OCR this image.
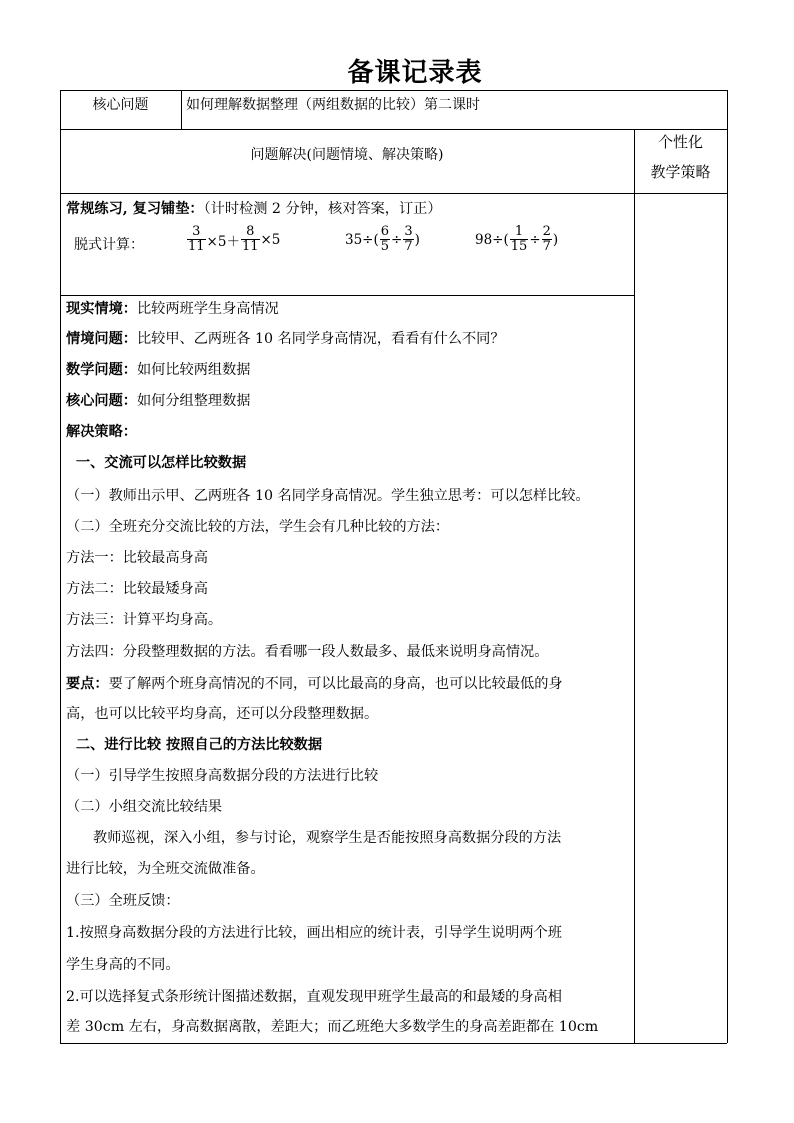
备课记录表
核心问题	如何理解数据整理（两组数据的比较）第二课时
问题解决(问题情境、解决策略)
个性化
教学策略
常规练习, 复习铺垫：（计时检测 2 分钟，核对答案，订正）
脱式计算：	$\frac{3}{11} \times 5+ \frac{8}{11} \times 5$	$35\div( \frac{6}{5} \div \frac{3}{7}$ )	$98\div( \frac{1}{15} \div \frac{2}{7}$ )
现实情境：比较两班学生身高情况
情境问题：比较甲、乙两班各 10 名同学身高情况，看看有什么不同？
数学问题：如何比较两组数据
核心问题：如何分组整理数据
解决策略：
一、交流可以怎样比较数据
（一）教师出示甲、乙两班各 10 名同学身高情况。学生独立思考：可以怎样比较。
（二）全班充分交流比较的方法，学生会有几种比较的方法：
方法一：比较最高身高
方法二：比较最矮身高
方法三：计算平均身高。
方法四：分段整理数据的方法。看看哪一段人数最多、最低来说明身高情况。
要点：要了解两个班身高情况的不同，可以比最高的身高，也可以比较最低的身
高，也可以比较平均身高，还可以分段整理数据。
二、进行比较 按照自己的方法比较数据
（一）引导学生按照身高数据分段的方法进行比较
（二）小组交流比较结果
教师巡视，深入小组，参与讨论，观察学生是否能按照身高数据分段的方法
进行比较，为全班交流做准备。
（三）全班反馈：
1.按照身高数据分段的方法进行比较，画出相应的统计表，引导学生说明两个班
学生身高的不同。
2.可以选择复式条形统计图描述数据，直观发现甲班学生最高的和最矮的身高相
差 30cm 左右，身高数据离散，差距大；而乙班绝大多数学生的身高差距都在 10cm
